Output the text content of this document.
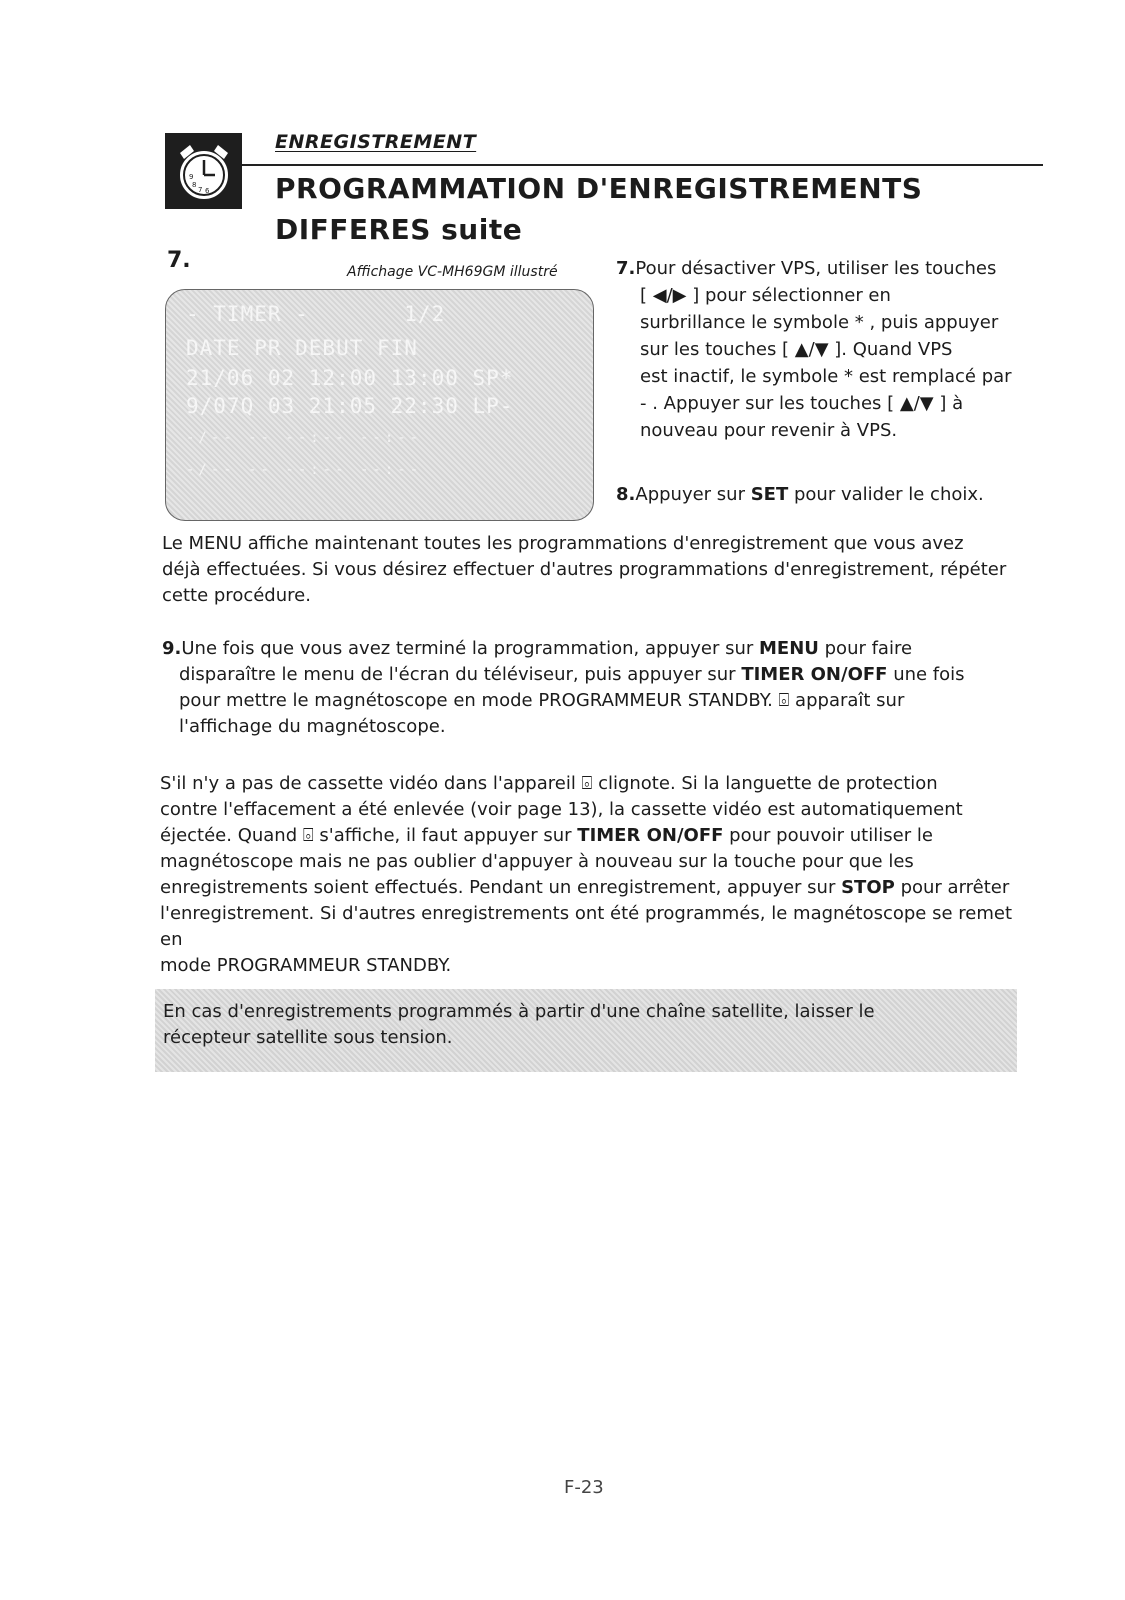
9
8
7 6
ENREGISTREMENT
PROGRAMMATION D'ENREGISTREMENTS
DIFFERES suite
7.	Affichage VC-MH69GM illustré
- TIMER -       1/2
DATE PR DEBUT FIN
21/06 02 12:00 13:00 SP*
9/07Q 03 21:05 22:30 LP-
-/-- -- --:-- --:--
-/-- -- --:-- --:--

7.Pour désactiver VPS, utiliser les touches

[ ◀/▶ ] pour sélectionner en

surbrillance le symbole * , puis appuyer

sur les touches [ ▲/▼ ]. Quand VPS

est inactif, le symbole * est remplacé par

- . Appuyer sur les touches [ ▲/▼ ] à

nouveau pour revenir à VPS.

8.Appuyer sur SET pour valider le choix.
Le MENU affiche maintenant toutes les programmations d'enregistrement que vous avez
déjà effectuées. Si vous désirez effectuer d'autres programmations d'enregistrement, répéter
cette procédure.
9.Une fois que vous avez terminé la programmation, appuyer sur MENU pour faire
disparaître le menu de l'écran du téléviseur, puis appuyer sur TIMER ON/OFF une fois
pour mettre le magnétoscope en mode PROGRAMMEUR STANDBY. ⌻ apparaît sur
l'affichage du magnétoscope.
S'il n'y a pas de cassette vidéo dans l'appareil ⌻ clignote. Si la languette de protection
contre l'effacement a été enlevée (voir page 13), la cassette vidéo est automatiquement
éjectée. Quand ⌻ s'affiche, il faut appuyer sur TIMER ON/OFF pour pouvoir utiliser le
magnétoscope mais ne pas oublier d'appuyer à nouveau sur la touche pour que les
enregistrements soient effectués. Pendant un enregistrement, appuyer sur STOP pour arrêter
l'enregistrement. Si d'autres enregistrements ont été programmés, le magnétoscope se remet en
mode PROGRAMMEUR STANDBY.
En cas d'enregistrements programmés à partir d'une chaîne satellite, laisser le
récepteur satellite sous tension.
F-23
